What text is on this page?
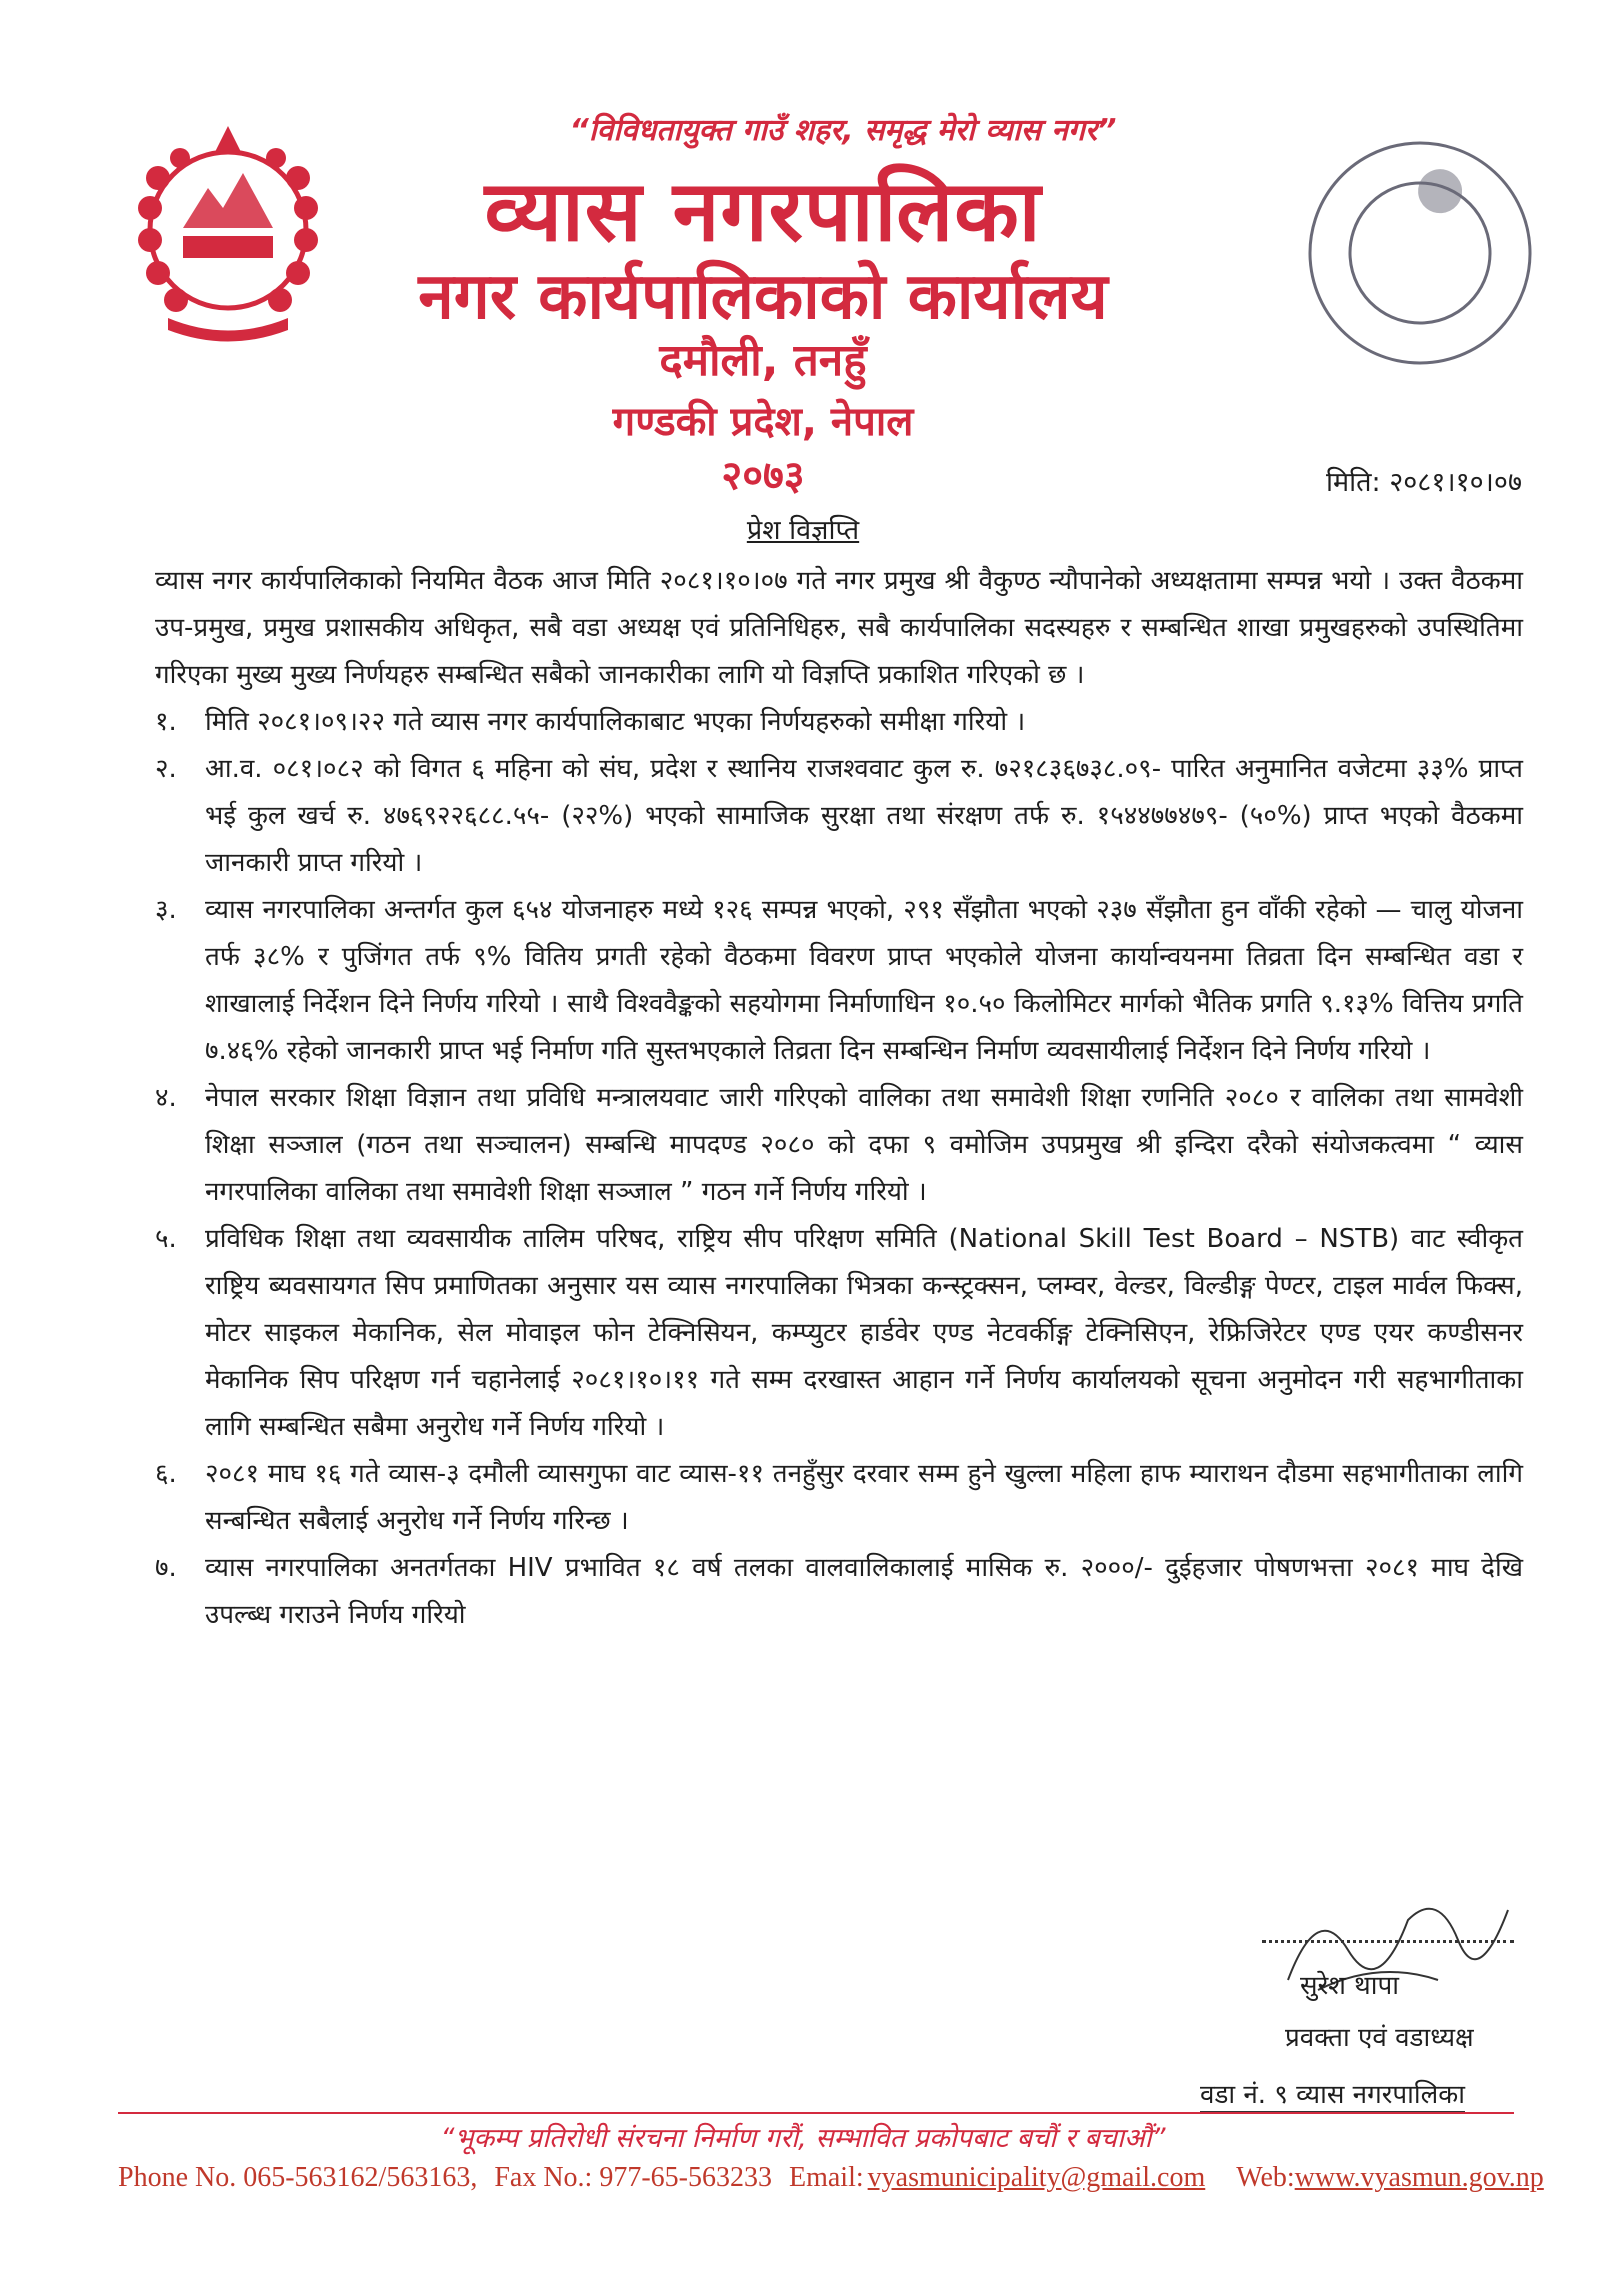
“विविधतायुक्त गाउँ शहर, समृद्ध मेरो व्यास नगर”
व्यास नगरपालिका
नगर कार्यपालिकाको कार्यालय
दमौली, तनहुँ
गण्डकी प्रदेश, नेपाल
२०७३	मिति: २०८१।१०।०७
प्रेश विज्ञप्ति

व्यास नगर कार्यपालिकाको नियमित वैठक आज मिति २०८१।१०।०७ गते नगर प्रमुख श्री वैकुण्ठ न्यौपानेको अध्यक्षतामा सम्पन्न भयो । उक्त वैठकमा उप-प्रमुख, प्रमुख प्रशासकीय अधिकृत, सबै वडा अध्यक्ष एवं प्रतिनिधिहरु, सबै कार्यपालिका सदस्यहरु र सम्बन्धित शाखा प्रमुखहरुको उपस्थितिमा गरिएका मुख्य मुख्य निर्णयहरु सम्बन्धित सबैको जानकारीका लागि यो विज्ञप्ति प्रकाशित गरिएको छ ।

१.	मिति २०८१।०९।२२ गते व्यास नगर कार्यपालिकाबाट भएका निर्णयहरुको समीक्षा गरियो ।
२.	आ.व. ०८१।०८२ को विगत ६ महिना को संघ, प्रदेश र स्थानिय राजश्ववाट कुल रु. ७२१८३६७३८.०९- पारित अनुमानित वजेटमा ३३% प्राप्त भई कुल खर्च रु. ४७६९२२६८८.५५- (२२%) भएको सामाजिक सुरक्षा तथा संरक्षण तर्फ रु. १५४४७७४७९- (५०%) प्राप्त भएको वैठकमा जानकारी प्राप्त गरियो ।
३.	व्यास नगरपालिका अन्तर्गत कुल ६५४ योजनाहरु मध्ये १२६ सम्पन्न भएको, २९१ सँझौता भएको २३७ सँझौता हुन वाँकी रहेको — चालु योजना तर्फ ३८% र पुजिंगत तर्फ ९% वितिय प्रगती रहेको वैठकमा विवरण प्राप्त भएकोले योजना कार्यान्वयनमा तिव्रता दिन सम्बन्धित वडा र शाखालाई निर्देशन दिने निर्णय गरियो । साथै विश्ववैङ्कको सहयोगमा निर्माणाधिन १०.५० किलोमिटर मार्गको भैतिक प्रगति ९.१३% वित्तिय प्रगति ७.४६% रहेको जानकारी प्राप्त भई निर्माण गति सुस्तभएकाले तिव्रता दिन सम्बन्धिन निर्माण व्यवसायीलाई निर्देशन दिने निर्णय गरियो ।
४.	नेपाल सरकार शिक्षा विज्ञान तथा प्रविधि मन्त्रालयवाट जारी गरिएको वालिका तथा समावेशी शिक्षा रणनिति २०८० र वालिका तथा सामवेशी शिक्षा सञ्जाल (गठन तथा सञ्चालन) सम्बन्धि मापदण्ड २०८० को दफा ९ वमोजिम उपप्रमुख श्री इन्दिरा दरैको संयोजकत्वमा “ व्यास नगरपालिका वालिका तथा समावेशी शिक्षा सञ्जाल ” गठन गर्ने निर्णय गरियो ।
५.	प्रविधिक शिक्षा तथा व्यवसायीक तालिम परिषद, राष्ट्रिय सीप परिक्षण समिति (National Skill Test Board – NSTB) वाट स्वीकृत राष्ट्रिय ब्यवसायगत सिप प्रमाणितका अनुसार यस व्यास नगरपालिका भित्रका कन्स्ट्रक्सन, प्लम्वर, वेल्डर, विल्डीङ्ग पेण्टर, टाइल मार्वल फिक्स, मोटर साइकल मेकानिक, सेल मोवाइल फोन टेक्निसियन, कम्प्युटर हार्डवेर एण्ड नेटवर्कीङ्ग टेक्निसिएन, रेफ्रिजिरेटर एण्ड एयर कण्डीसनर मेकानिक सिप परिक्षण गर्न चहानेलाई २०८१।१०।११ गते सम्म दरखास्त आहान गर्ने निर्णय कार्यालयको सूचना अनुमोदन गरी सहभागीताका लागि सम्बन्धित सबैमा अनुरोध गर्ने निर्णय गरियो ।
६.	२०८१ माघ १६ गते व्यास-३ दमौली व्यासगुफा वाट व्यास-११ तनहुँसुर दरवार सम्म हुने खुल्ला महिला हाफ म्याराथन दौडमा सहभागीताका लागि सन्बन्धित सबैलाई अनुरोध गर्ने निर्णय गरिन्छ ।
७.	व्यास नगरपालिका अनतर्गतका HIV प्रभावित १८ वर्ष तलका वालवालिकालाई मासिक रु. २०००/- दुईहजार पोषणभत्ता २०८१ माघ देखि उपल्ब्ध गराउने निर्णय गरियो
सुरेश थापा
प्रवक्ता एवं वडाध्यक्ष
वडा नं. ९ व्यास नगरपालिका
“भूकम्प प्रतिरोधी संरचना निर्माण गरौं, सम्भावित प्रकोपबाट बचौं र बचाऔं”
Phone No. 065-563162/563163, Fax No.: 977-65-563233 Email: vyasmunicipality@gmail.com Web:www.vyasmun.gov.np
